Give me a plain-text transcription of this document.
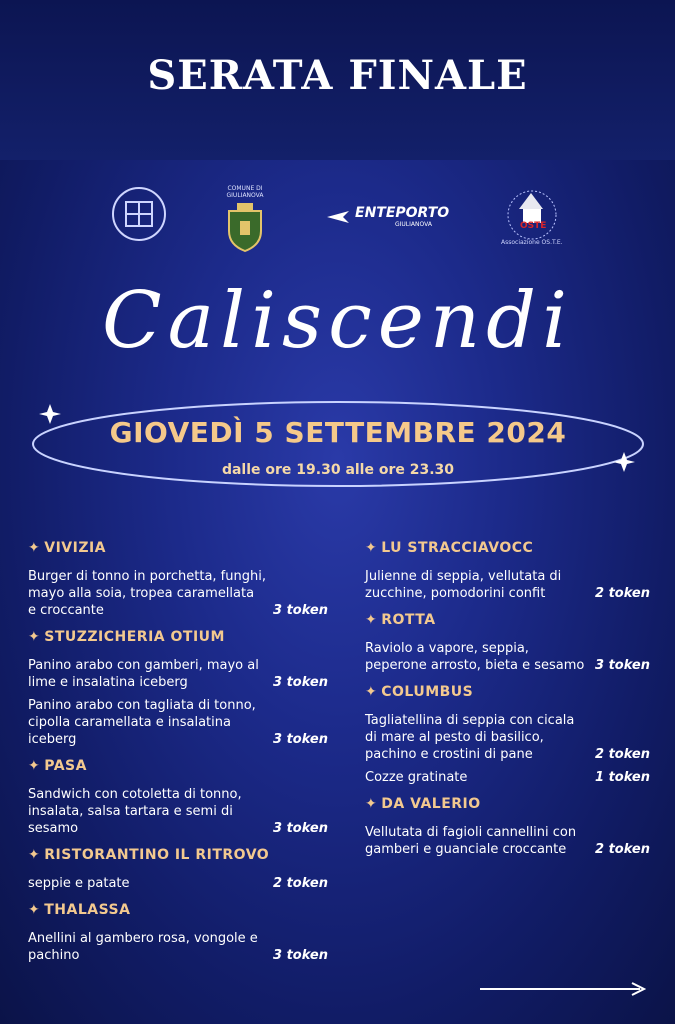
SERATA FINALE
COMUNE DI GIULIANOVA
ENTEPORTO
GIULIANOVA	OSTE
Associazione OS.T.E.
Caliscendi
GIOVEDÌ 5 SETTEMBRE 2024
dalle ore 19.30 alle ore 23.30
✦ VIVIZIA
Burger di tonno in porchetta, funghi, mayo alla soia, tropea caramellata e croccante	3 token
✦ STUZZICHERIA OTIUM
Panino arabo con gamberi, mayo al lime e insalatina iceberg	3 token
Panino arabo con tagliata di tonno, cipolla caramellata e insalatina iceberg	3 token
✦ PASA
Sandwich con cotoletta di tonno, insalata, salsa tartara e semi di sesamo	3 token
✦ RISTORANTINO IL RITROVO
seppie e patate	2 token
✦ THALASSA
Anellini al gambero rosa, vongole e pachino	3 token
✦ LU STRACCIAVOCC
Julienne di seppia, vellutata di zucchine, pomodorini confit	2 token
✦ ROTTA
Raviolo a vapore, seppia, peperone arrosto, bieta e sesamo 3 token
✦ COLUMBUS
Tagliatellina di seppia con cicala di mare al pesto di basilico, pachino e crostini di pane	2 token
Cozze gratinate	1 token
✦ DA VALERIO
Vellutata di fagioli cannellini con gamberi e guanciale croccante	2 token
